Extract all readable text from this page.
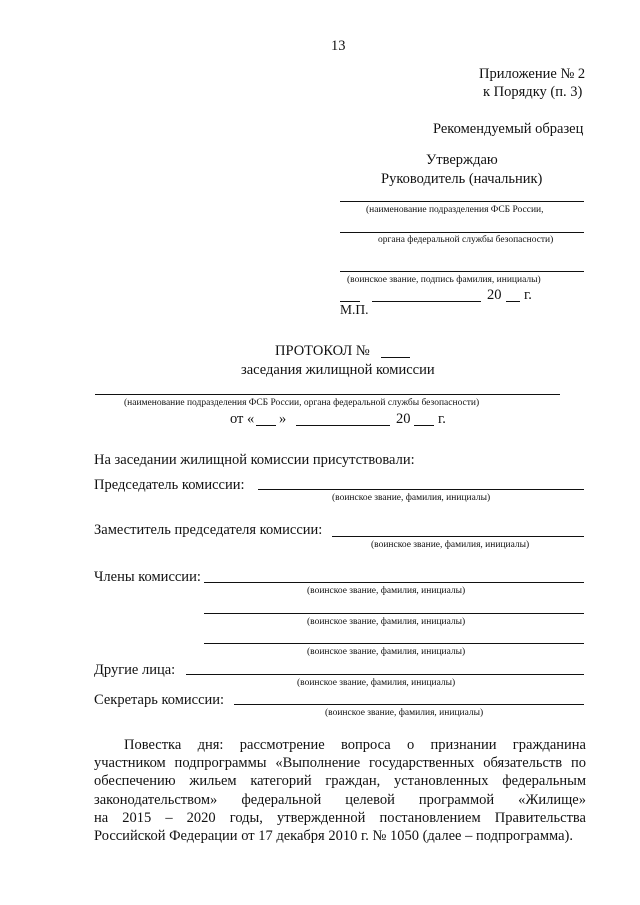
13
Приложение № 2
к Порядку (п. 3)
Рекомендуемый образец
Утверждаю
Руководитель (начальник)
(наименование подразделения ФСБ России,
органа федеральной службы безопасности)
(воинское звание, подпись фамилия, инициалы)
20 г.
М.П.
ПРОТОКОЛ №
заседания жилищной комиссии
(наименование подразделения ФСБ России, органа федеральной службы безопасности)
от « »	20 г.
На заседании жилищной комиссии присутствовали:
Председатель комиссии:
(воинское звание, фамилия, инициалы)
Заместитель председателя комиссии:
(воинское звание, фамилия, инициалы)
Члены комиссии:
(воинское звание, фамилия, инициалы)
(воинское звание, фамилия, инициалы)
(воинское звание, фамилия, инициалы)
Другие лица:
(воинское звание, фамилия, инициалы)
Секретарь комиссии:
(воинское звание, фамилия, инициалы)
Повестка дня: рассмотрение вопроса о признании гражданина
участником подпрограммы «Выполнение государственных обязательств по
обеспечению жильем категорий граждан, установленных федеральным
законодательством» федеральной целевой программой «Жилище»
на 2015 – 2020 годы, утвержденной постановлением Правительства
Российской Федерации от 17 декабря 2010 г. № 1050 (далее – подпрограмма).
